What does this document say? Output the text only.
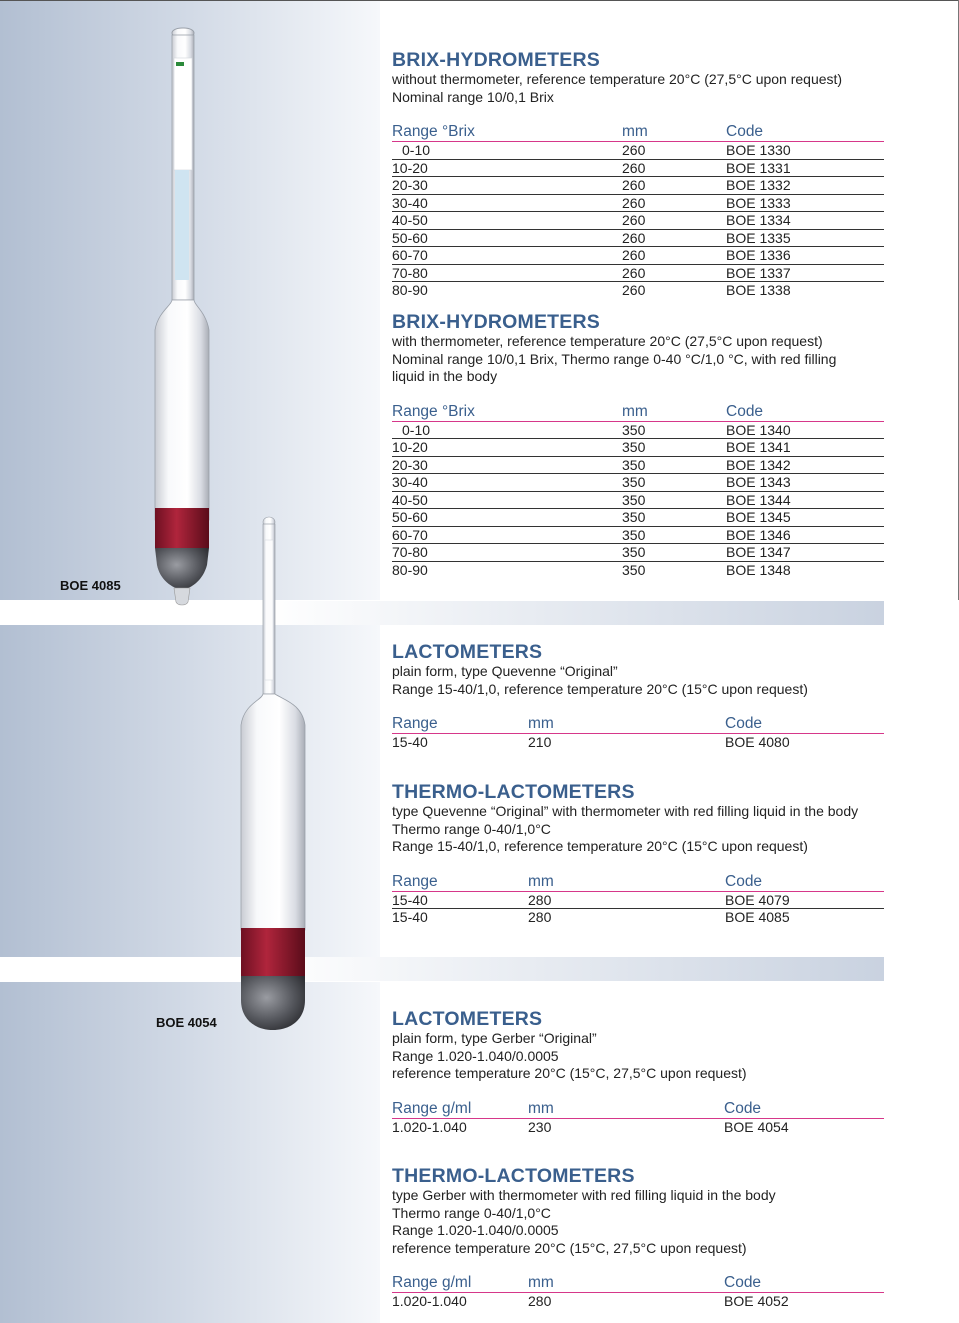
BOE 4085
BOE 4054
BRIX-HYDROMETERS
without thermometer, reference temperature 20°C (27,5°C upon request)
Nominal range 10/0,1 Brix
Range °Brix	mm	Code
0-10	260	BOE 1330
10-20	260	BOE 1331
20-30	260	BOE 1332
30-40	260	BOE 1333
40-50	260	BOE 1334
50-60	260	BOE 1335
60-70	260	BOE 1336
70-80	260	BOE 1337
80-90	260	BOE 1338
BRIX-HYDROMETERS
with thermometer, reference temperature 20°C (27,5°C upon request)
Nominal range 10/0,1 Brix, Thermo range 0-40 °C/1,0 °C, with red filling
liquid in the body
Range °Brix	mm	Code
0-10	350	BOE 1340
10-20	350	BOE 1341
20-30	350	BOE 1342
30-40	350	BOE 1343
40-50	350	BOE 1344
50-60	350	BOE 1345
60-70	350	BOE 1346
70-80	350	BOE 1347
80-90	350	BOE 1348
LACTOMETERS
plain form, type Quevenne “Original”
Range 15-40/1,0, reference temperature 20°C (15°C upon request)
Range	mm	Code
15-40	210	BOE 4080
THERMO-LACTOMETERS
type Quevenne “Original” with thermometer with red filling liquid in the body
Thermo range 0-40/1,0°C
Range 15-40/1,0, reference temperature 20°C (15°C upon request)
Range	mm	Code
15-40	280	BOE 4079
15-40	280	BOE 4085
LACTOMETERS
plain form, type Gerber “Original”
Range 1.020-1.040/0.0005
reference temperature 20°C (15°C, 27,5°C upon request)
Range g/ml	mm	Code
1.020-1.040	230	BOE 4054
THERMO-LACTOMETERS
type Gerber with thermometer with red filling liquid in the body
Thermo range 0-40/1,0°C
Range 1.020-1.040/0.0005
reference temperature 20°C (15°C, 27,5°C upon request)
Range g/ml	mm	Code
1.020-1.040	280	BOE 4052
